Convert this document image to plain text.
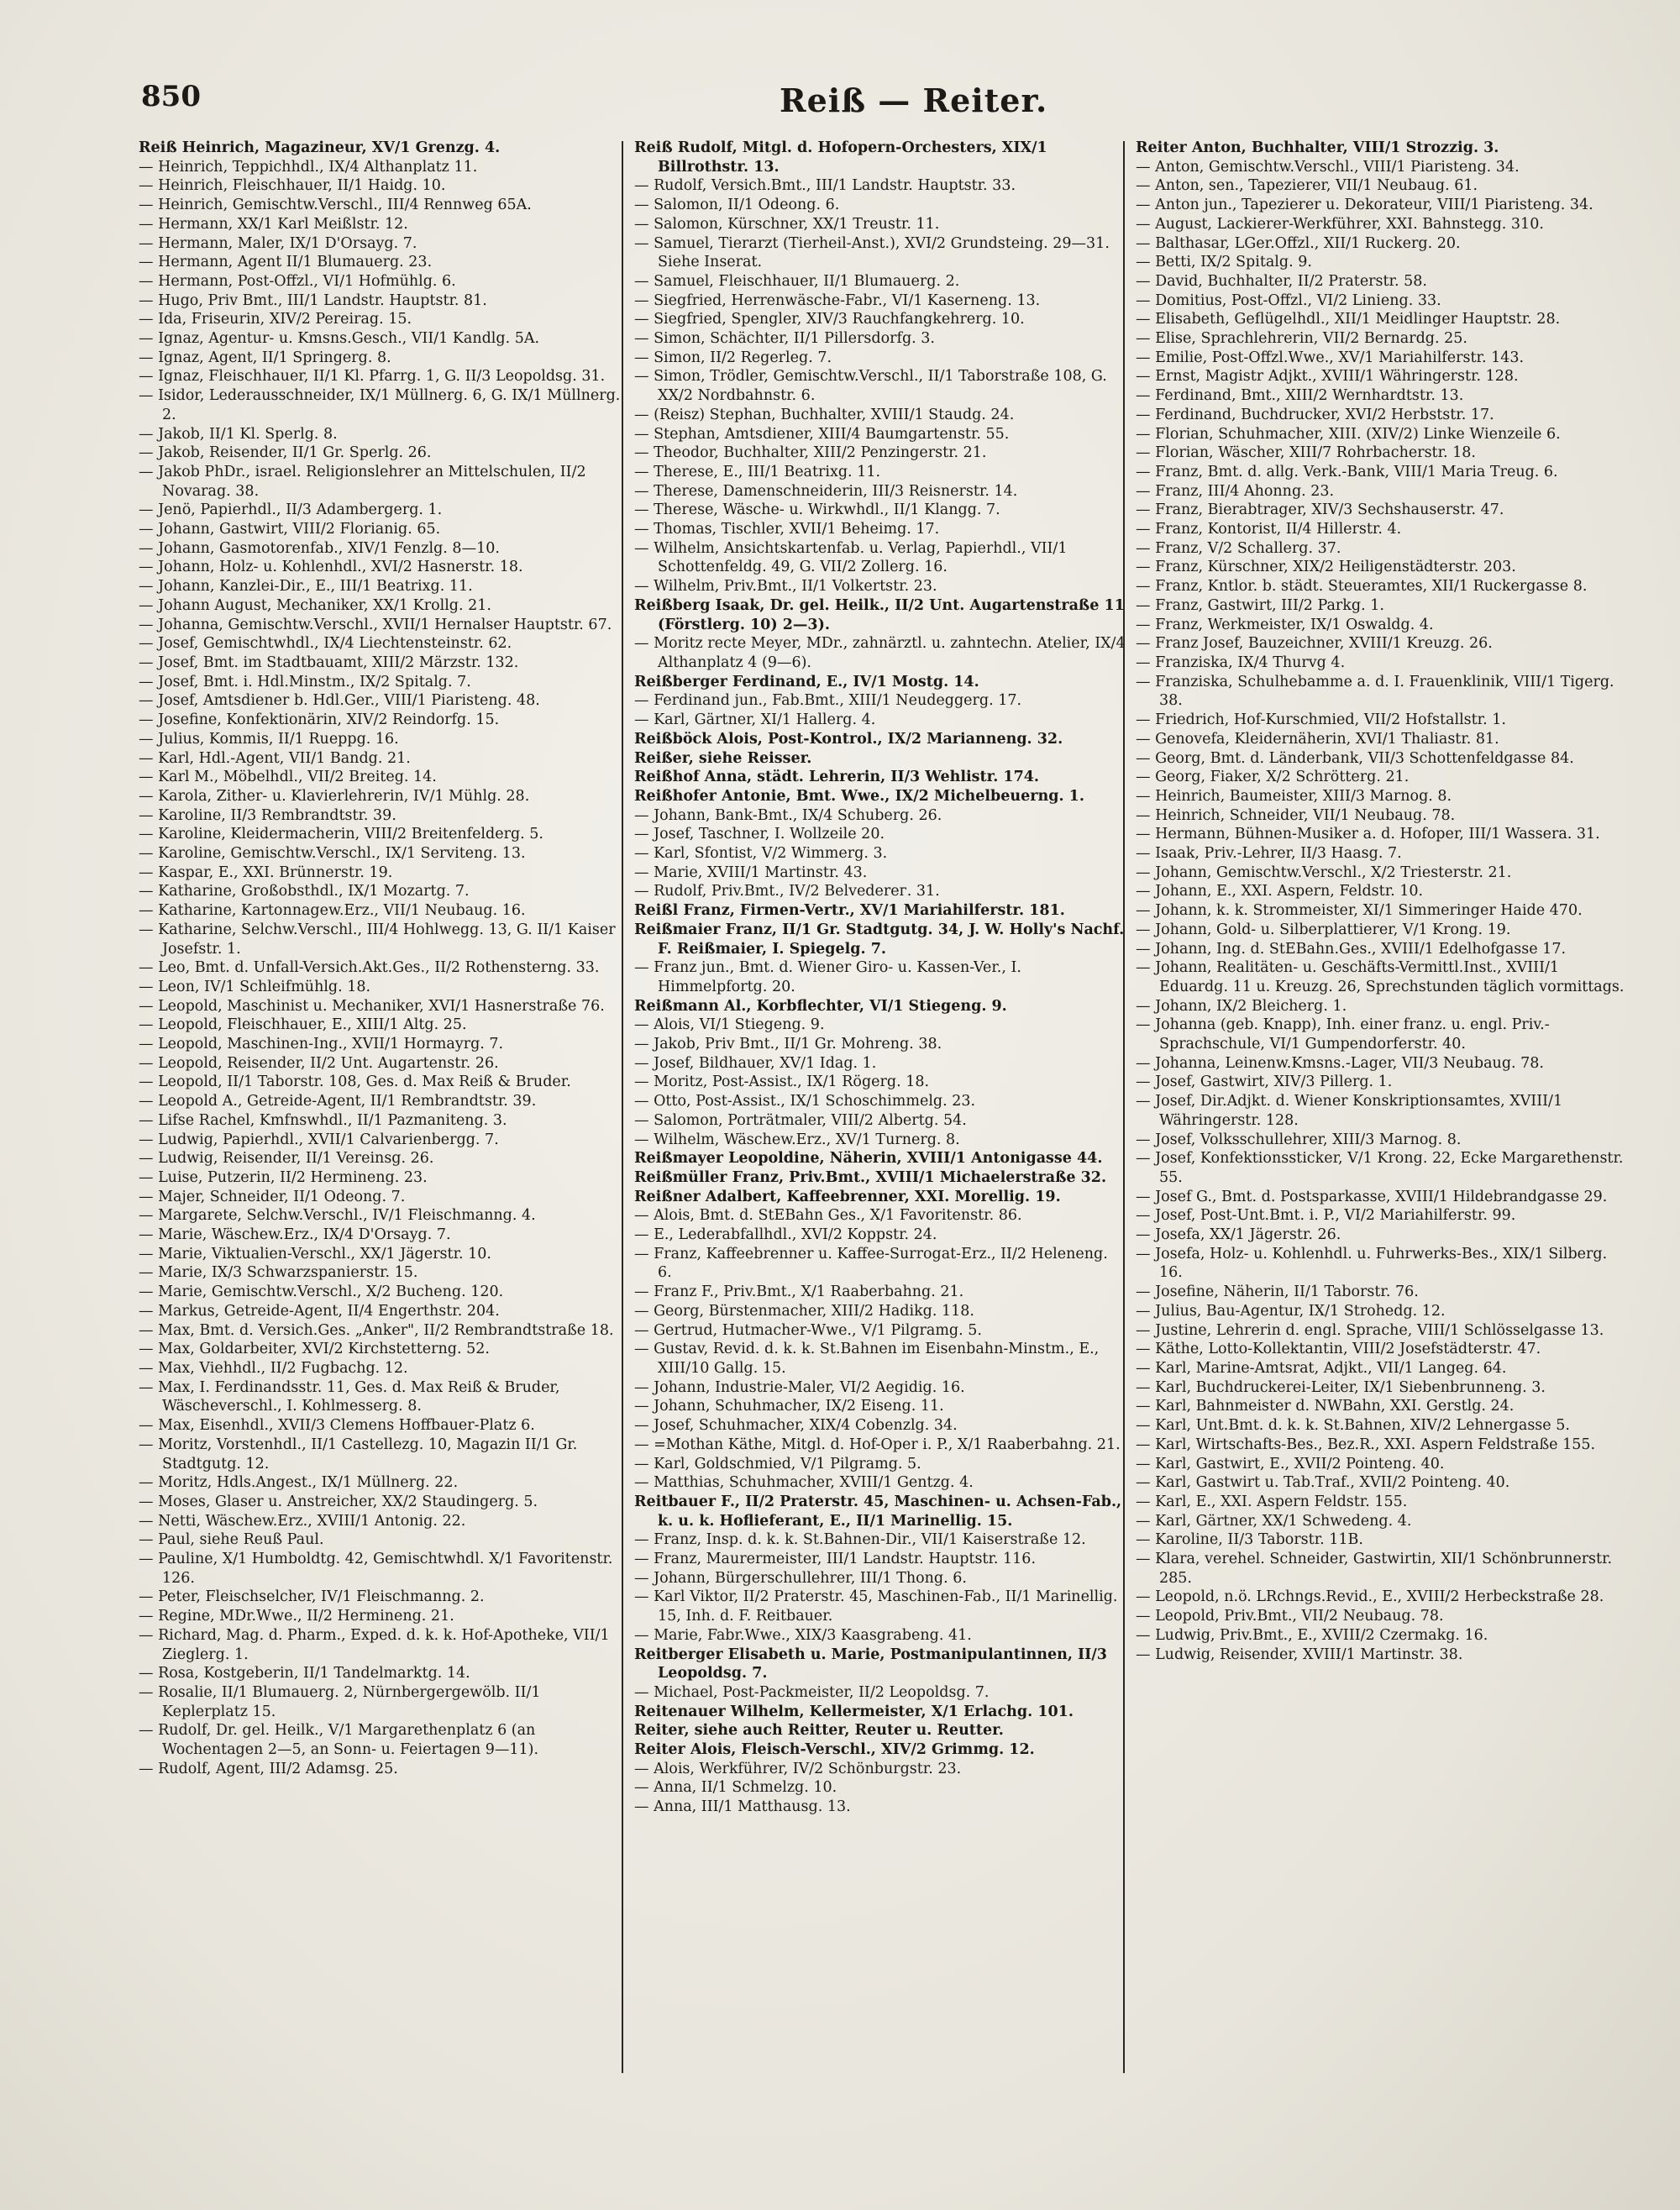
850	Reiß — Reiter.

Reiß Heinrich, Magazineur, XV/1 Grenzg. 4.

— Heinrich, Teppichhdl., IX/4 Althanplatz 11.

— Heinrich, Fleischhauer, II/1 Haidg. 10.

— Heinrich, Gemischtw.Verschl., III/4 Rennweg 65A.

— Hermann, XX/1 Karl Meißlstr. 12.

— Hermann, Maler, IX/1 D'Orsayg. 7.

— Hermann, Agent II/1 Blumauerg. 23.

— Hermann, Post-Offzl., VI/1 Hofmühlg. 6.

— Hugo, Priv Bmt., III/1 Landstr. Hauptstr. 81.

— Ida, Friseurin, XIV/2 Pereirag. 15.

— Ignaz, Agentur- u. Kmsns.Gesch., VII/1 Kandlg. 5A.

— Ignaz, Agent, II/1 Springerg. 8.

— Ignaz, Fleischhauer, II/1 Kl. Pfarrg. 1, G. II/3 Leopoldsg. 31.

— Isidor, Lederausschneider, IX/1 Müllnerg. 6, G. IX/1 Müllnerg. 2.

— Jakob, II/1 Kl. Sperlg. 8.

— Jakob, Reisender, II/1 Gr. Sperlg. 26.

— Jakob PhDr., israel. Religionslehrer an Mittelschulen, II/2 Novarag. 38.

— Jenö, Papierhdl., II/3 Adambergerg. 1.

— Johann, Gastwirt, VIII/2 Florianig. 65.

— Johann, Gasmotorenfab., XIV/1 Fenzlg. 8—10.

— Johann, Holz- u. Kohlenhdl., XVI/2 Hasnerstr. 18.

— Johann, Kanzlei-Dir., E., III/1 Beatrixg. 11.

— Johann August, Mechaniker, XX/1 Krollg. 21.

— Johanna, Gemischtw.Verschl., XVII/1 Hernalser Hauptstr. 67.

— Josef, Gemischtwhdl., IX/4 Liechtensteinstr. 62.

— Josef, Bmt. im Stadtbauamt, XIII/2 Märzstr. 132.

— Josef, Bmt. i. Hdl.Minstm., IX/2 Spitalg. 7.

— Josef, Amtsdiener b. Hdl.Ger., VIII/1 Piaristeng. 48.

— Josefine, Konfektionärin, XIV/2 Reindorfg. 15.

— Julius, Kommis, II/1 Rueppg. 16.

— Karl, Hdl.-Agent, VII/1 Bandg. 21.

— Karl M., Möbelhdl., VII/2 Breiteg. 14.

— Karola, Zither- u. Klavierlehrerin, IV/1 Mühlg. 28.

— Karoline, II/3 Rembrandtstr. 39.

— Karoline, Kleidermacherin, VIII/2 Breitenfelderg. 5.

— Karoline, Gemischtw.Verschl., IX/1 Serviteng. 13.

— Kaspar, E., XXI. Brünnerstr. 19.

— Katharine, Großobsthdl., IX/1 Mozartg. 7.

— Katharine, Kartonnagew.Erz., VII/1 Neubaug. 16.

— Katharine, Selchw.Verschl., III/4 Hohlwegg. 13, G. II/1 Kaiser Josefstr. 1.

— Leo, Bmt. d. Unfall-Versich.Akt.Ges., II/2 Rothensterng. 33.

— Leon, IV/1 Schleifmühlg. 18.

— Leopold, Maschinist u. Mechaniker, XVI/1 Hasnerstraße 76.

— Leopold, Fleischhauer, E., XIII/1 Altg. 25.

— Leopold, Maschinen-Ing., XVII/1 Hormayrg. 7.

— Leopold, Reisender, II/2 Unt. Augartenstr. 26.

— Leopold, II/1 Taborstr. 108, Ges. d. Max Reiß & Bruder.

— Leopold A., Getreide-Agent, II/1 Rembrandtstr. 39.

— Lifse Rachel, Kmfnswhdl., II/1 Pazmaniteng. 3.

— Ludwig, Papierhdl., XVII/1 Calvarienbergg. 7.

— Ludwig, Reisender, II/1 Vereinsg. 26.

— Luise, Putzerin, II/2 Hermineng. 23.

— Majer, Schneider, II/1 Odeong. 7.

— Margarete, Selchw.Verschl., IV/1 Fleischmanng. 4.

— Marie, Wäschew.Erz., IX/4 D'Orsayg. 7.

— Marie, Viktualien-Verschl., XX/1 Jägerstr. 10.

— Marie, IX/3 Schwarzspanierstr. 15.

— Marie, Gemischtw.Verschl., X/2 Bucheng. 120.

— Markus, Getreide-Agent, II/4 Engerthstr. 204.

— Max, Bmt. d. Versich.Ges. „Anker", II/2 Rembrandtstraße 18.

— Max, Goldarbeiter, XVI/2 Kirchstetterng. 52.

— Max, Viehhdl., II/2 Fugbachg. 12.

— Max, I. Ferdinandsstr. 11, Ges. d. Max Reiß & Bruder, Wäscheverschl., I. Kohlmesserg. 8.

— Max, Eisenhdl., XVII/3 Clemens Hoffbauer-Platz 6.

— Moritz, Vorstenhdl., II/1 Castellezg. 10, Magazin II/1 Gr. Stadtgutg. 12.

— Moritz, Hdls.Angest., IX/1 Müllnerg. 22.

— Moses, Glaser u. Anstreicher, XX/2 Staudingerg. 5.

— Netti, Wäschew.Erz., XVIII/1 Antonig. 22.

— Paul, siehe Reuß Paul.

— Pauline, X/1 Humboldtg. 42, Gemischtwhdl. X/1 Favoritenstr. 126.

— Peter, Fleischselcher, IV/1 Fleischmanng. 2.

— Regine, MDr.Wwe., II/2 Hermineng. 21.

— Richard, Mag. d. Pharm., Exped. d. k. k. Hof-Apotheke, VII/1 Zieglerg. 1.

— Rosa, Kostgeberin, II/1 Tandelmarktg. 14.

— Rosalie, II/1 Blumauerg. 2, Nürnbergergewölb. II/1 Keplerplatz 15.

— Rudolf, Dr. gel. Heilk., V/1 Margarethenplatz 6 (an Wochentagen 2—5, an Sonn- u. Feiertagen 9—11).

— Rudolf, Agent, III/2 Adamsg. 25.

Reiß Rudolf, Mitgl. d. Hofopern-Orchesters, XIX/1 Billrothstr. 13.

— Rudolf, Versich.Bmt., III/1 Landstr. Hauptstr. 33.

— Salomon, II/1 Odeong. 6.

— Salomon, Kürschner, XX/1 Treustr. 11.

— Samuel, Tierarzt (Tierheil-Anst.), XVI/2 Grundsteing. 29—31. Siehe Inserat.

— Samuel, Fleischhauer, II/1 Blumauerg. 2.

— Siegfried, Herrenwäsche-Fabr., VI/1 Kaserneng. 13.

— Siegfried, Spengler, XIV/3 Rauchfangkehrerg. 10.

— Simon, Schächter, II/1 Pillersdorfg. 3.

— Simon, II/2 Regerleg. 7.

— Simon, Trödler, Gemischtw.Verschl., II/1 Taborstraße 108, G. XX/2 Nordbahnstr. 6.

— (Reisz) Stephan, Buchhalter, XVIII/1 Staudg. 24.

— Stephan, Amtsdiener, XIII/4 Baumgartenstr. 55.

— Theodor, Buchhalter, XIII/2 Penzingerstr. 21.

— Therese, E., III/1 Beatrixg. 11.

— Therese, Damenschneiderin, III/3 Reisnerstr. 14.

— Therese, Wäsche- u. Wirkwhdl., II/1 Klangg. 7.

— Thomas, Tischler, XVII/1 Beheimg. 17.

— Wilhelm, Ansichtskartenfab. u. Verlag, Papierhdl., VII/1 Schottenfeldg. 49, G. VII/2 Zollerg. 16.

— Wilhelm, Priv.Bmt., II/1 Volkertstr. 23.

Reißberg Isaak, Dr. gel. Heilk., II/2 Unt. Augartenstraße 11 (Förstlerg. 10) 2—3).

— Moritz recte Meyer, MDr., zahnärztl. u. zahntechn. Atelier, IX/4 Althanplatz 4 (9—6).

Reißberger Ferdinand, E., IV/1 Mostg. 14.

— Ferdinand jun., Fab.Bmt., XIII/1 Neudeggerg. 17.

— Karl, Gärtner, XI/1 Hallerg. 4.

Reißböck Alois, Post-Kontrol., IX/2 Marianneng. 32.

Reißer, siehe Reisser.

Reißhof Anna, städt. Lehrerin, II/3 Wehlistr. 174.

Reißhofer Antonie, Bmt. Wwe., IX/2 Michelbeuerng. 1.

— Johann, Bank-Bmt., IX/4 Schuberg. 26.

— Josef, Taschner, I. Wollzeile 20.

— Karl, Sfontist, V/2 Wimmerg. 3.

— Marie, XVIII/1 Martinstr. 43.

— Rudolf, Priv.Bmt., IV/2 Belvederег. 31.

Reißl Franz, Firmen-Vertr., XV/1 Mariahilferstr. 181.

Reißmaier Franz, II/1 Gr. Stadtgutg. 34, J. W. Holly's Nachf. F. Reißmaier, I. Spiegelg. 7.

— Franz jun., Bmt. d. Wiener Giro- u. Kassen-Ver., I. Himmelpfortg. 20.

Reißmann Al., Korbflechter, VI/1 Stiegeng. 9.

— Alois, VI/1 Stiegeng. 9.

— Jakob, Priv Bmt., II/1 Gr. Mohreng. 38.

— Josef, Bildhauer, XV/1 Idag. 1.

— Moritz, Post-Assist., IX/1 Rögerg. 18.

— Otto, Post-Assist., IX/1 Schoschimmelg. 23.

— Salomon, Porträtmaler, VIII/2 Albertg. 54.

— Wilhelm, Wäschew.Erz., XV/1 Turnerg. 8.

Reißmayer Leopoldine, Näherin, XVIII/1 Antonigasse 44.

Reißmüller Franz, Priv.Bmt., XVIII/1 Michaelerstraße 32.

Reißner Adalbert, Kaffeebrenner, XXI. Morellig. 19.

— Alois, Bmt. d. StEBahn Ges., X/1 Favoritenstr. 86.

— E., Lederabfallhdl., XVI/2 Koppstr. 24.

— Franz, Kaffeebrenner u. Kaffee-Surrogat-Erz., II/2 Heleneng. 6.

— Franz F., Priv.Bmt., X/1 Raaberbahng. 21.

— Georg, Bürstenmacher, XIII/2 Hadikg. 118.

— Gertrud, Hutmacher-Wwe., V/1 Pilgramg. 5.

— Gustav, Revid. d. k. k. St.Bahnen im Eisenbahn-Minstm., E., XIII/10 Gallg. 15.

— Johann, Industrie-Maler, VI/2 Aegidig. 16.

— Johann, Schuhmacher, IX/2 Eiseng. 11.

— Josef, Schuhmacher, XIX/4 Cobenzlg. 34.

— =Mothan Käthe, Mitgl. d. Hof-Oper i. P., X/1 Raaberbahng. 21.

— Karl, Goldschmied, V/1 Pilgramg. 5.

— Matthias, Schuhmacher, XVIII/1 Gentzg. 4.

Reitbauer F., II/2 Praterstr. 45, Maschinen- u. Achsen-Fab., k. u. k. Hoflieferant, E., II/1 Marinellig. 15.

— Franz, Insp. d. k. k. St.Bahnen-Dir., VII/1 Kaiserstraße 12.

— Franz, Maurermeister, III/1 Landstr. Hauptstr. 116.

— Johann, Bürgerschullehrer, III/1 Thong. 6.

— Karl Viktor, II/2 Praterstr. 45, Maschinen-Fab., II/1 Marinellig. 15, Inh. d. F. Reitbauer.

— Marie, Fabr.Wwe., XIX/3 Kaasgrabeng. 41.

Reitberger Elisabeth u. Marie, Postmanipulantinnen, II/3 Leopoldsg. 7.

— Michael, Post-Packmeister, II/2 Leopoldsg. 7.

Reitenauer Wilhelm, Kellermeister, X/1 Erlachg. 101.

Reiter, siehe auch Reitter, Reuter u. Reutter.

Reiter Alois, Fleisch-Verschl., XIV/2 Grimmg. 12.

— Alois, Werkführer, IV/2 Schönburgstr. 23.

— Anna, II/1 Schmelzg. 10.

— Anna, III/1 Matthausg. 13.

Reiter Anton, Buchhalter, VIII/1 Strozzig. 3.

— Anton, Gemischtw.Verschl., VIII/1 Piaristeng. 34.

— Anton, sen., Tapezierer, VII/1 Neubaug. 61.

— Anton jun., Tapezierer u. Dekorateur, VIII/1 Piaristeng. 34.

— August, Lackierer-Werkführer, XXI. Bahnstegg. 310.

— Balthasar, LGer.Offzl., XII/1 Ruckerg. 20.

— Betti, IX/2 Spitalg. 9.

— David, Buchhalter, II/2 Praterstr. 58.

— Domitius, Post-Offzl., VI/2 Linieng. 33.

— Elisabeth, Geflügelhdl., XII/1 Meidlinger Hauptstr. 28.

— Elise, Sprachlehrerin, VII/2 Bernardg. 25.

— Emilie, Post-Offzl.Wwe., XV/1 Mariahilferstr. 143.

— Ernst, Magistr Adjkt., XVIII/1 Währingerstr. 128.

— Ferdinand, Bmt., XIII/2 Wernhardtstr. 13.

— Ferdinand, Buchdrucker, XVI/2 Herbststr. 17.

— Florian, Schuhmacher, XIII. (XIV/2) Linke Wienzeile 6.

— Florian, Wäscher, XIII/7 Rohrbacherstr. 18.

— Franz, Bmt. d. allg. Verk.-Bank, VIII/1 Maria Treug. 6.

— Franz, III/4 Ahonng. 23.

— Franz, Bierabtrager, XIV/3 Sechshauserstr. 47.

— Franz, Kontorist, II/4 Hillerstr. 4.

— Franz, V/2 Schallerg. 37.

— Franz, Kürschner, XIX/2 Heiligenstädterstr. 203.

— Franz, Kntlor. b. städt. Steueramtes, XII/1 Ruckergasse 8.

— Franz, Gastwirt, III/2 Parkg. 1.

— Franz, Werkmeister, IX/1 Oswaldg. 4.

— Franz Josef, Bauzeichner, XVIII/1 Kreuzg. 26.

— Franziska, IX/4 Thurvg 4.

— Franziska, Schulhebamme a. d. I. Frauenklinik, VIII/1 Tigerg. 38.

— Friedrich, Hof-Kurschmied, VII/2 Hofstallstr. 1.

— Genovefa, Kleidernäherin, XVI/1 Thaliastr. 81.

— Georg, Bmt. d. Länderbank, VII/3 Schottenfeldgasse 84.

— Georg, Fiaker, X/2 Schrötterg. 21.

— Heinrich, Baumeister, XIII/3 Marnog. 8.

— Heinrich, Schneider, VII/1 Neubaug. 78.

— Hermann, Bühnen-Musiker a. d. Hofoper, III/1 Wassera. 31.

— Isaak, Priv.-Lehrer, II/3 Haasg. 7.

— Johann, Gemischtw.Verschl., X/2 Triesterstr. 21.

— Johann, E., XXI. Aspern, Feldstr. 10.

— Johann, k. k. Strommeister, XI/1 Simmeringer Haide 470.

— Johann, Gold- u. Silberplattierer, V/1 Krong. 19.

— Johann, Ing. d. StEBahn.Ges., XVIII/1 Edelhofgasse 17.

— Johann, Realitäten- u. Geschäfts-Vermittl.Inst., XVIII/1 Eduardg. 11 u. Kreuzg. 26, Sprechstunden täglich vormittags.

— Johann, IX/2 Bleicherg. 1.

— Johanna (geb. Knapp), Inh. einer franz. u. engl. Priv.-Sprachschule, VI/1 Gumpendorferstr. 40.

— Johanna, Leinenw.Kmsns.-Lager, VII/3 Neubaug. 78.

— Josef, Gastwirt, XIV/3 Pillerg. 1.

— Josef, Dir.Adjkt. d. Wiener Konskriptionsamtes, XVIII/1 Währingerstr. 128.

— Josef, Volksschullehrer, XIII/3 Marnog. 8.

— Josef, Konfektionssticker, V/1 Krong. 22, Ecke Margarethenstr. 55.

— Josef G., Bmt. d. Postsparkasse, XVIII/1 Hildebrandgasse 29.

— Josef, Post-Unt.Bmt. i. P., VI/2 Mariahilferstr. 99.

— Josefa, XX/1 Jägerstr. 26.

— Josefa, Holz- u. Kohlenhdl. u. Fuhrwerks-Bes., XIX/1 Silberg. 16.

— Josefine, Näherin, II/1 Taborstr. 76.

— Julius, Bau-Agentur, IX/1 Strohedg. 12.

— Justine, Lehrerin d. engl. Sprache, VIII/1 Schlösselgasse 13.

— Käthe, Lotto-Kollektantin, VIII/2 Josefstädterstr. 47.

— Karl, Marine-Amtsrat, Adjkt., VII/1 Langeg. 64.

— Karl, Buchdruckerei-Leiter, IX/1 Siebenbrunneng. 3.

— Karl, Bahnmeister d. NWBahn, XXI. Gerstlg. 24.

— Karl, Unt.Bmt. d. k. k. St.Bahnen, XIV/2 Lehnergasse 5.

— Karl, Wirtschafts-Bes., Bez.R., XXI. Aspern Feldstraße 155.

— Karl, Gastwirt, E., XVII/2 Pointeng. 40.

— Karl, Gastwirt u. Tab.Traf., XVII/2 Pointeng. 40.

— Karl, E., XXI. Aspern Feldstr. 155.

— Karl, Gärtner, XX/1 Schwedeng. 4.

— Karoline, II/3 Taborstr. 11B.

— Klara, verehel. Schneider, Gastwirtin, XII/1 Schönbrunnerstr. 285.

— Leopold, n.ö. LRchngs.Revid., E., XVIII/2 Herbeckstraße 28.

— Leopold, Priv.Bmt., VII/2 Neubaug. 78.

— Ludwig, Priv.Bmt., E., XVIII/2 Czermakg. 16.

— Ludwig, Reisender, XVIII/1 Martinstr. 38.
